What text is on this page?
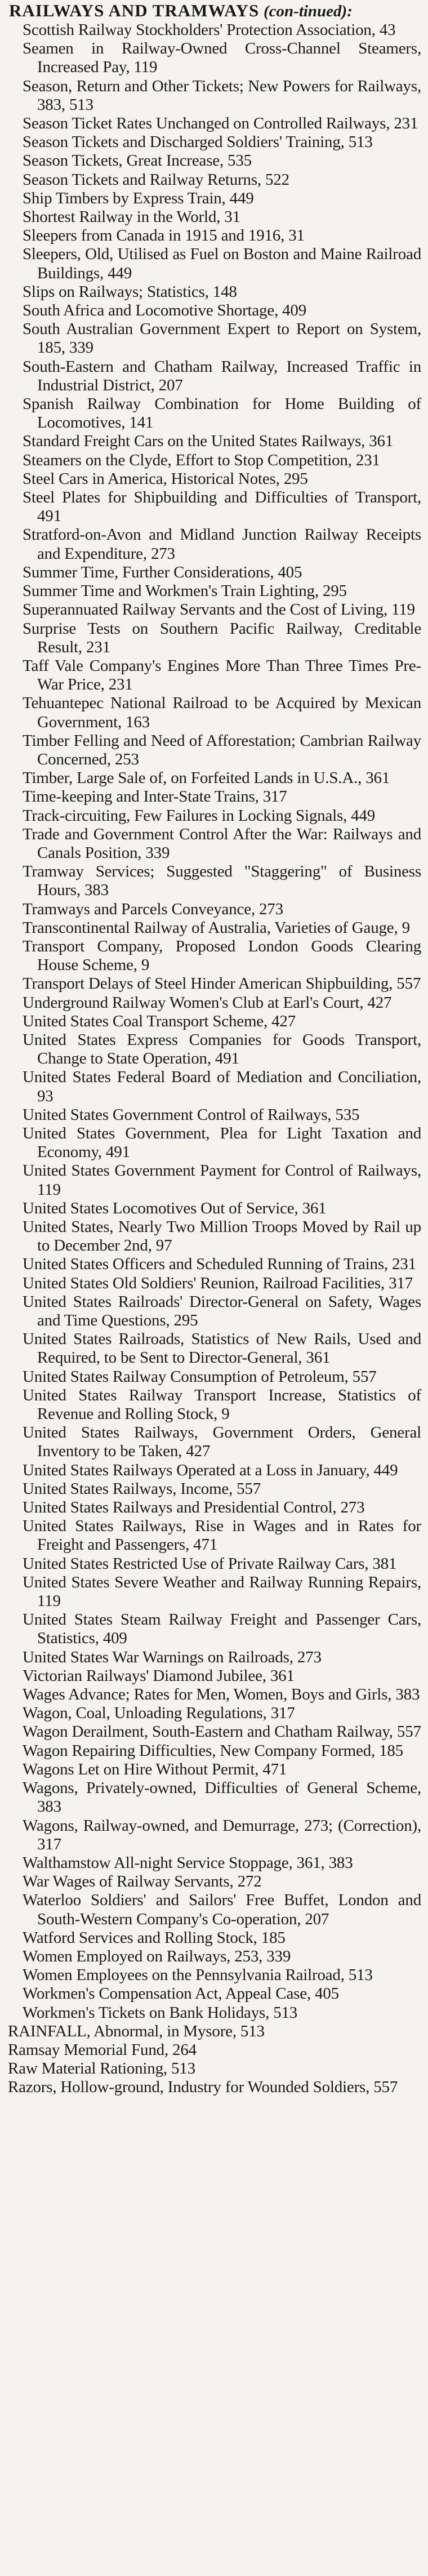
RAILWAYS AND TRAMWAYS (con-tinued):

Scottish Railway Stockholders' Protection Association, 43

Seamen in Railway-Owned Cross-Channel Steamers, Increased Pay, 119

Season, Return and Other Tickets; New Powers for Railways, 383, 513

Season Ticket Rates Unchanged on Controlled Railways, 231

Season Tickets and Discharged Soldiers' Training, 513

Season Tickets, Great Increase, 535

Season Tickets and Railway Returns, 522

Ship Timbers by Express Train, 449

Shortest Railway in the World, 31

Sleepers from Canada in 1915 and 1916, 31

Sleepers, Old, Utilised as Fuel on Boston and Maine Railroad Buildings, 449

Slips on Railways; Statistics, 148

South Africa and Locomotive Shortage, 409

South Australian Government Expert to Report on System, 185, 339

South-Eastern and Chatham Railway, Increased Traffic in Industrial District, 207

Spanish Railway Combination for Home Building of Locomotives, 141

Standard Freight Cars on the United States Railways, 361

Steamers on the Clyde, Effort to Stop Competition, 231

Steel Cars in America, Historical Notes, 295

Steel Plates for Shipbuilding and Difficulties of Transport, 491

Stratford-on-Avon and Midland Junction Railway Receipts and Expenditure, 273

Summer Time, Further Considerations, 405

Summer Time and Workmen's Train Lighting, 295

Superannuated Railway Servants and the Cost of Living, 119

Surprise Tests on Southern Pacific Railway, Creditable Result, 231

Taff Vale Company's Engines More Than Three Times Pre-War Price, 231

Tehuantepec National Railroad to be Acquired by Mexican Government, 163

Timber Felling and Need of Afforestation; Cambrian Railway Concerned, 253

Timber, Large Sale of, on Forfeited Lands in U.S.A., 361

Time-keeping and Inter-State Trains, 317

Track-circuiting, Few Failures in Locking Signals, 449

Trade and Government Control After the War: Railways and Canals Position, 339

Tramway Services; Suggested "Staggering" of Business Hours, 383

Tramways and Parcels Conveyance, 273

Transcontinental Railway of Australia, Varieties of Gauge, 9

Transport Company, Proposed London Goods Clearing House Scheme, 9

Transport Delays of Steel Hinder American Shipbuilding, 557

Underground Railway Women's Club at Earl's Court, 427

United States Coal Transport Scheme, 427

United States Express Companies for Goods Transport, Change to State Operation, 491

United States Federal Board of Mediation and Conciliation, 93

United States Government Control of Railways, 535

United States Government, Plea for Light Taxation and Economy, 491

United States Government Payment for Control of Railways, 119

United States Locomotives Out of Service, 361

United States, Nearly Two Million Troops Moved by Rail up to December 2nd, 97

United States Officers and Scheduled Running of Trains, 231

United States Old Soldiers' Reunion, Railroad Facilities, 317

United States Railroads' Director-General on Safety, Wages and Time Questions, 295

United States Railroads, Statistics of New Rails, Used and Required, to be Sent to Director-General, 361

United States Railway Consumption of Petroleum, 557

United States Railway Transport Increase, Statistics of Revenue and Rolling Stock, 9

United States Railways, Government Orders, General Inventory to be Taken, 427

United States Railways Operated at a Loss in January, 449

United States Railways, Income, 557

United States Railways and Presidential Control, 273

United States Railways, Rise in Wages and in Rates for Freight and Passengers, 471

United States Restricted Use of Private Railway Cars, 381

United States Severe Weather and Railway Running Repairs, 119

United States Steam Railway Freight and Passenger Cars, Statistics, 409

United States War Warnings on Railroads, 273

Victorian Railways' Diamond Jubilee, 361

Wages Advance; Rates for Men, Women, Boys and Girls, 383

Wagon, Coal, Unloading Regulations, 317

Wagon Derailment, South-Eastern and Chatham Railway, 557

Wagon Repairing Difficulties, New Company Formed, 185

Wagons Let on Hire Without Permit, 471

Wagons, Privately-owned, Difficulties of General Scheme, 383

Wagons, Railway-owned, and Demurrage, 273; (Correction), 317

Walthamstow All-night Service Stoppage, 361, 383

War Wages of Railway Servants, 272

Waterloo Soldiers' and Sailors' Free Buffet, London and South-Western Company's Co-operation, 207

Watford Services and Rolling Stock, 185

Women Employed on Railways, 253, 339

Women Employees on the Pennsylvania Railroad, 513

Workmen's Compensation Act, Appeal Case, 405

Workmen's Tickets on Bank Holidays, 513

RAINFALL, Abnormal, in Mysore, 513

Ramsay Memorial Fund, 264

Raw Material Rationing, 513

Razors, Hollow-ground, Industry for Wounded Soldiers, 557
